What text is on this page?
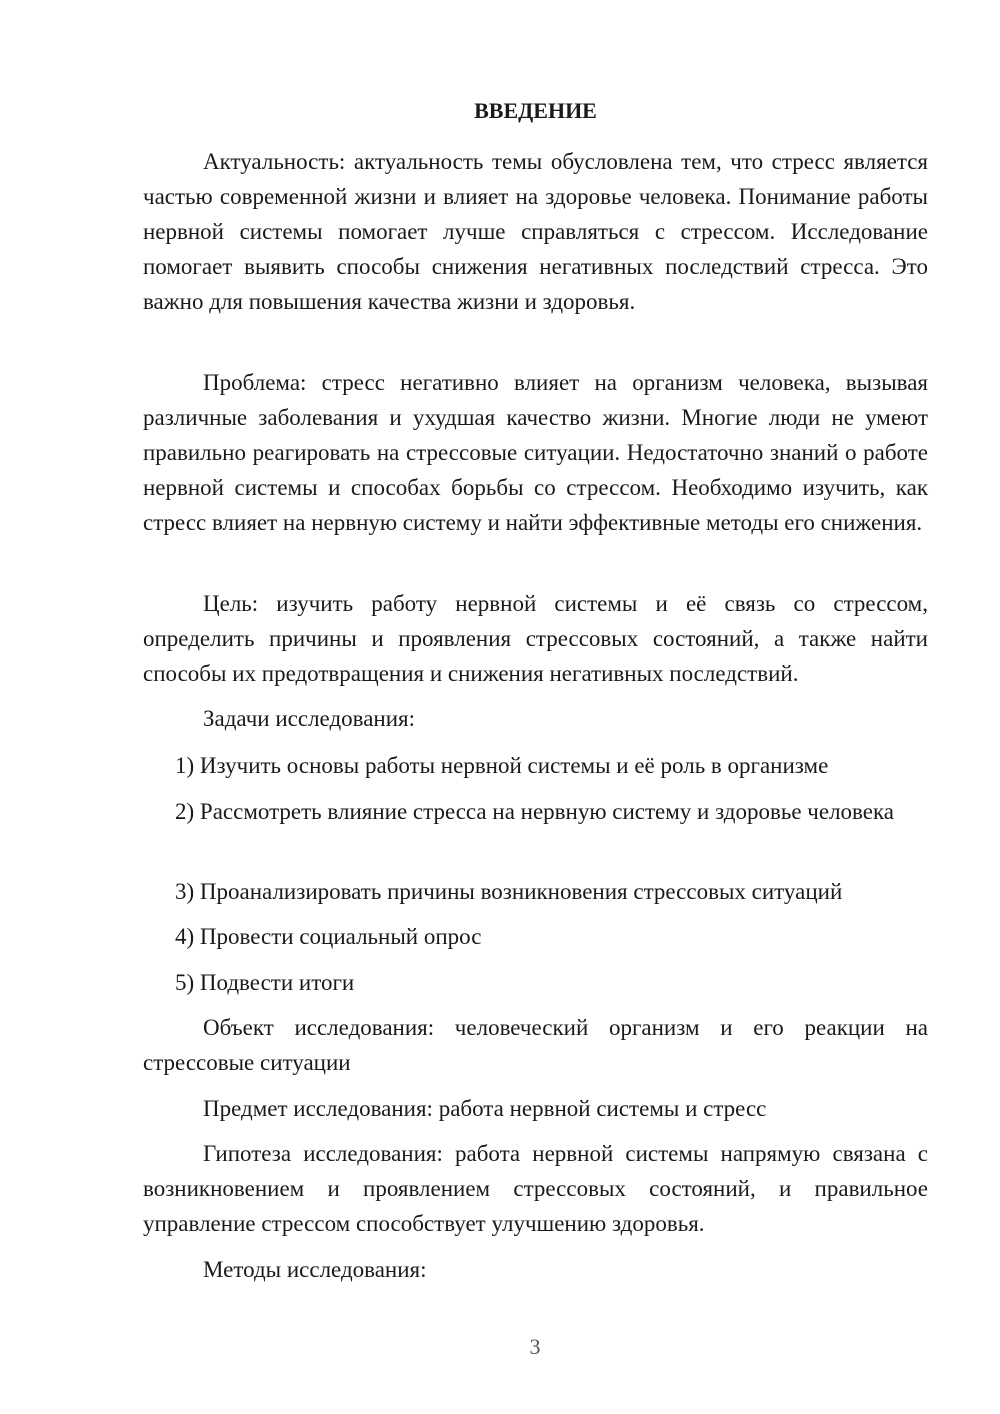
ВВЕДЕНИЕ

Актуальность: актуальность темы обусловлена тем, что стресс является частью современной жизни и влияет на здоровье человека. Понимание работы нервной системы помогает лучше справляться с стрессом. Исследование помогает выявить способы снижения негативных последствий стресса. Это важно для повышения качества жизни и здоровья.

Проблема: стресс негативно влияет на организм человека, вызывая различные заболевания и ухудшая качество жизни. Многие люди не умеют правильно реагировать на стрессовые ситуации. Недостаточно знаний о работе нервной системы и способах борьбы со стрессом. Необходимо изучить, как стресс влияет на нервную систему и найти эффективные методы его снижения.

Цель: изучить работу нервной системы и её связь со стрессом, определить причины и проявления стрессовых состояний, а также найти способы их предотвращения и снижения негативных последствий.

Задачи исследования:

1) Изучить основы работы нервной системы и её роль в организме

2) Рассмотреть влияние стресса на нервную систему и здоровье человека

3) Проанализировать причины возникновения стрессовых ситуаций

4) Провести социальный опрос

5) Подвести итоги

Объект исследования: человеческий организм и его реакции на стрессовые ситуации

Предмет исследования: работа нервной системы и стресс

Гипотеза исследования: работа нервной системы напрямую связана с возникновением и проявлением стрессовых состояний, и правильное управление стрессом способствует улучшению здоровья.

Методы исследования:

3
